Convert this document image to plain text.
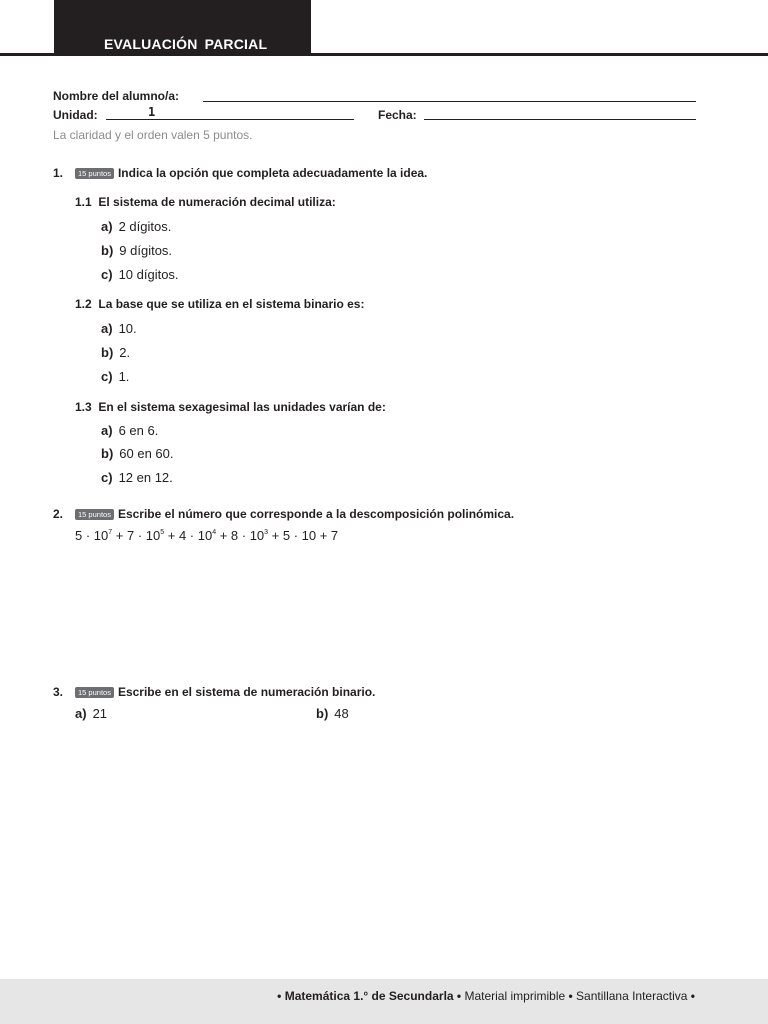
EVALUACIÓN PARCIAL
Nombre del alumno/a:
Unidad:	1	Fecha:
La claridad y el orden valen 5 puntos.
1.	15 puntos Indica la opción que completa adecuadamente la idea.
1.1 El sistema de numeración decimal utiliza:
a) 2 dígitos.
b) 9 dígitos.
c) 10 dígitos.
1.2 La base que se utiliza en el sistema binario es:
a) 10.
b) 2.
c) 1.
1.3 En el sistema sexagesimal las unidades varían de:
a) 6 en 6.
b) 60 en 60.
c) 12 en 12.
2.	15 puntos Escribe el número que corresponde a la descomposición polinómica.
$5 \cdot 10^7 + 7 \cdot 10^5 + 4 \cdot 10^4 + 8 \cdot 10^3 + 5 \cdot 10 + 7$
3.	15 puntos Escribe en el sistema de numeración binario.
a) 21	b) 48
• Matemática 1.° de Secundarla • Material imprimible • Santillana Interactiva •
